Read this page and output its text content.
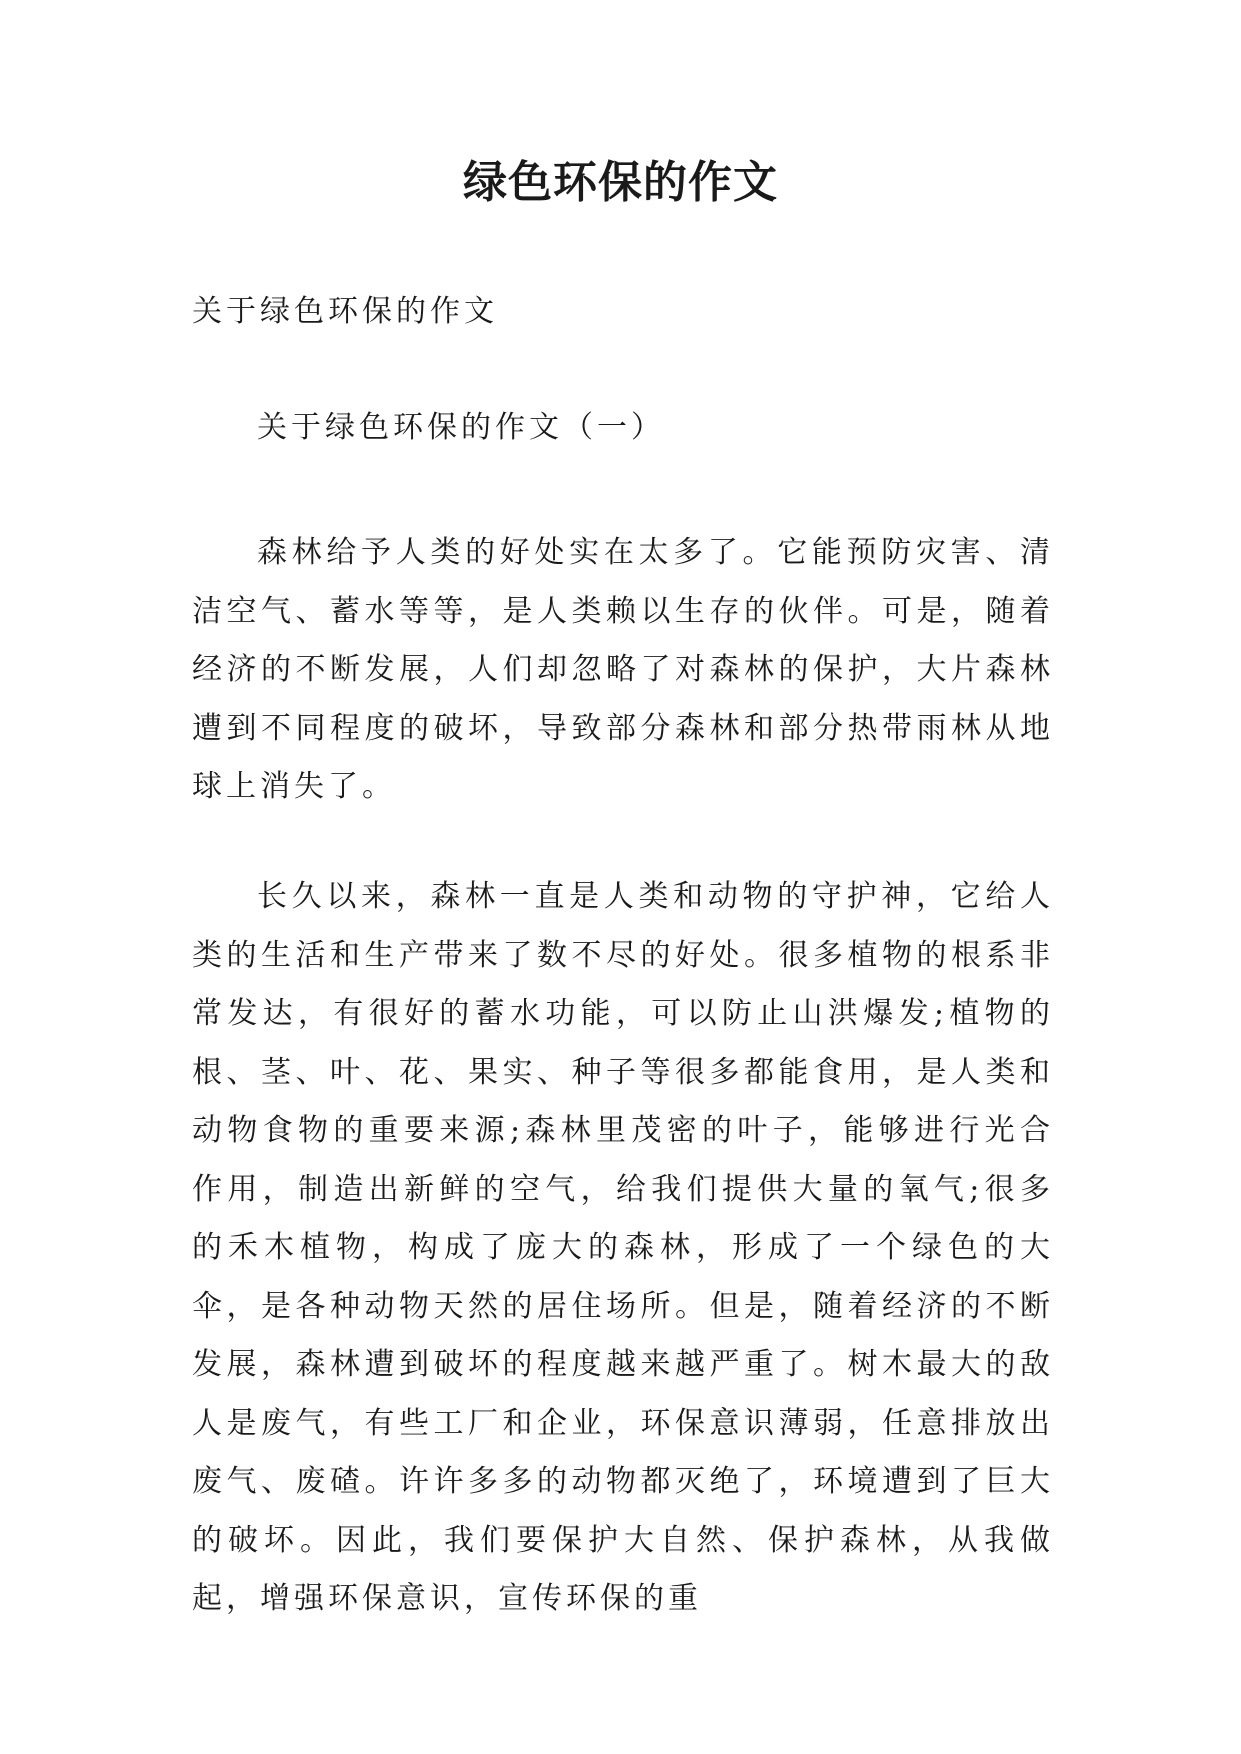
绿色环保的作文
关于绿色环保的作文
关于绿色环保的作文（一）

森林给予人类的好处实在太多了。它能预防灾害、清洁空气、蓄水等等，是人类赖以生存的伙伴。可是，随着经济的不断发展，人们却忽略了对森林的保护，大片森林遭到不同程度的破坏，导致部分森林和部分热带雨林从地球上消失了。

长久以来，森林一直是人类和动物的守护神，它给人类的生活和生产带来了数不尽的好处。很多植物的根系非常发达，有很好的蓄水功能，可以防止山洪爆发;植物的根、茎、叶、花、果实、种子等很多都能食用，是人类和动物食物的重要来源;森林里茂密的叶子，能够进行光合作用，制造出新鲜的空气，给我们提供大量的氧气;很多的禾木植物，构成了庞大的森林，形成了一个绿色的大伞，是各种动物天然的居住场所。但是，随着经济的不断发展，森林遭到破坏的程度越来越严重了。树木最大的敌人是废气，有些工厂和企业，环保意识薄弱，任意排放出废气、废碴。许许多多的动物都灭绝了，环境遭到了巨大的破坏。因此，我们要保护大自然、保护森林，从我做起，增强环保意识，宣传环保的重
